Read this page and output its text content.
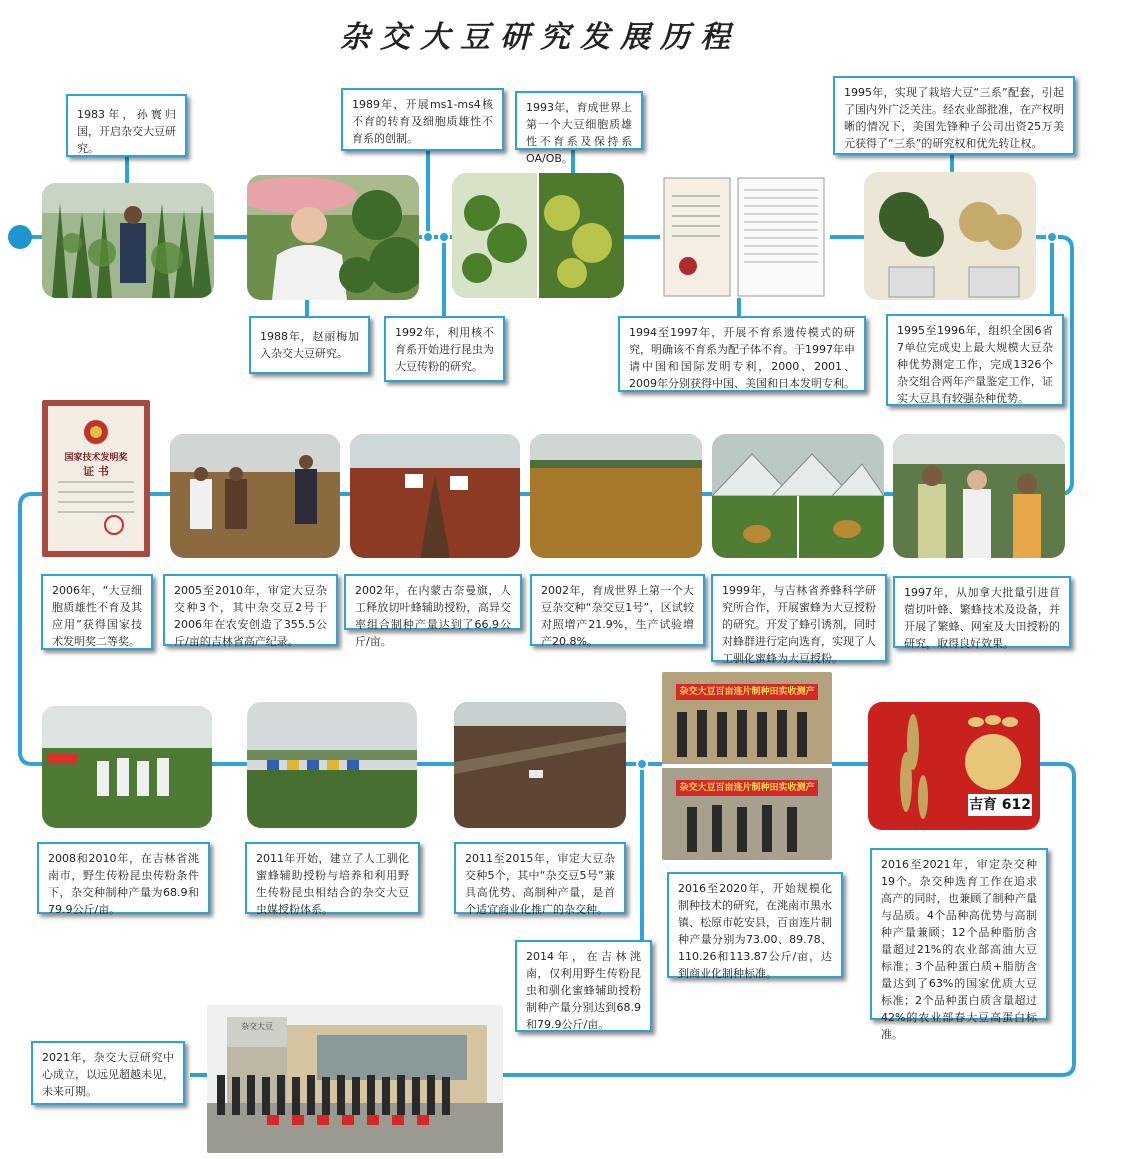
杂交大豆研究发展历程
1983年，孙寰归国，开启杂交大豆研究。
1989年，开展ms1-ms4核不育的转育及细胞质雄性不育系的创制。
1993年，育成世界上第一个大豆细胞质雄性不育系及保持系OA/OB。
1995年，实现了栽培大豆“三系”配套，引起了国内外广泛关注。经农业部批准，在产权明晰的情况下，美国先锋种子公司出资25万美元获得了“三系”的研究权和优先转让权。
1988年，赵丽梅加入杂交大豆研究。
1992年，利用核不育系开始进行昆虫为大豆传粉的研究。
1994至1997年，开展不育系遗传模式的研究，明确该不育系为配子体不育。于1997年申请中国和国际发明专利，2000、2001、2009年分别获得中国、美国和日本发明专利。
1995至1996年，组织全国6省7单位完成史上最大规模大豆杂种优势测定工作，完成1326个杂交组合两年产量鉴定工作，证实大豆具有较强杂种优势。
国家技术发明奖
证 书
2006年，“大豆细胞质雄性不育及其应用”获得国家技术发明奖二等奖。
2005至2010年，审定大豆杂交种3个，其中杂交豆2号于2006年在农安创造了355.5公斤/亩的吉林省高产纪录。
2002年，在内蒙古奈曼旗，人工释放切叶蜂辅助授粉，高异交率组合制种产量达到了66.9公斤/亩。
2002年，育成世界上第一个大豆杂交种“杂交豆1号”，区试较对照增产21.9%，生产试验增产20.8%。
1999年，与吉林省养蜂科学研究所合作，开展蜜蜂为大豆授粉的研究。开发了蜂引诱剂，同时对蜂群进行定向选育，实现了人工驯化蜜蜂为大豆授粉。
1997年，从加拿大批量引进苜蓿切叶蜂、繁蜂技术及设备，并开展了繁蜂、网室及大田授粉的研究，取得良好效果。
杂交大豆百亩连片制种田实收测产
杂交大豆百亩连片制种田实收测产
吉育 612
2008和2010年，在吉林省洮南市，野生传粉昆虫传粉条件下，杂交种制种产量为68.9和79.9公斤/亩。
2011年开始，建立了人工驯化蜜蜂辅助授粉与培养和利用野生传粉昆虫相结合的杂交大豆虫媒授粉体系。
2011至2015年，审定大豆杂交种5个，其中“杂交豆5号”兼具高优势、高制种产量，是首个适宜商业化推广的杂交种。
2014年，在吉林洮南，仅利用野生传粉昆虫和驯化蜜蜂辅助授粉制种产量分别达到68.9和79.9公斤/亩。
2016至2020年，开始规模化制种技术的研究，在洮南市黑水镇、松原市乾安县，百亩连片制种产量分别为73.00、89.78、110.26和113.87公斤/亩，达到商业化制种标准。
2016至2021年，审定杂交种19个。杂交种选育工作在追求高产的同时，也兼顾了制种产量与品质。4个品种高优势与高制种产量兼顾；12个品种脂肪含量超过21%的农业部高油大豆标准；3个品种蛋白质+脂肪含量达到了63%的国家优质大豆标准；2个品种蛋白质含量超过42%的农业部春大豆高蛋白标准。
杂交大豆
2021年，杂交大豆研究中心成立，以远见超越未见，未来可期。
